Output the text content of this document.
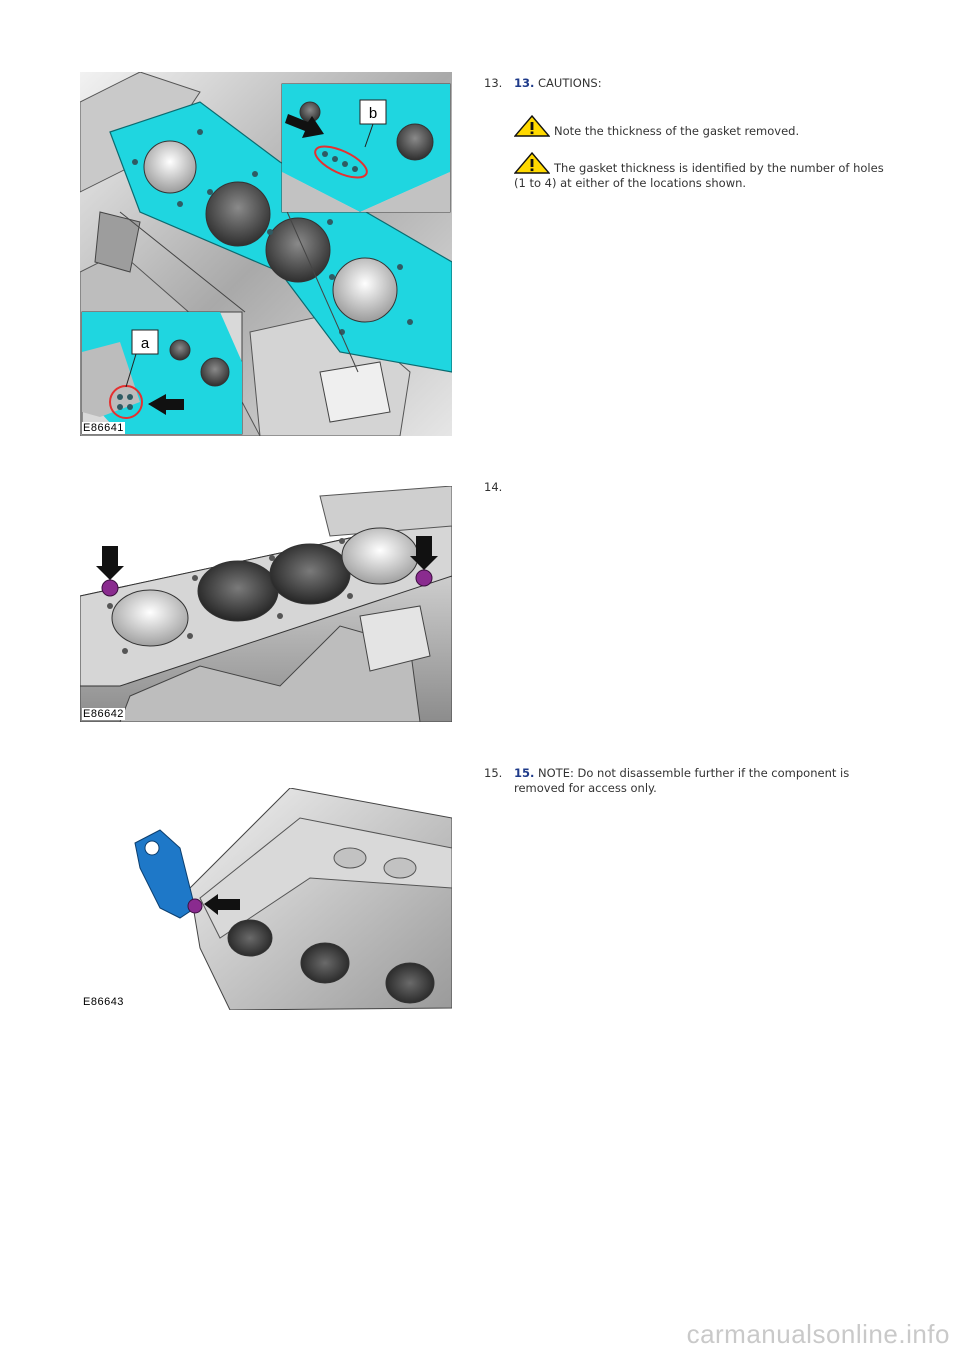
b
a
E86641
13. 13. CAUTIONS:
Note the thickness of the gasket removed.
The gasket thickness is identified by the number of holes (1 to 4) at either of the locations shown.
E86642
14.
E86643
15. 15. NOTE: Do not disassemble further if the component is removed for access only.
carmanualsonline.info
